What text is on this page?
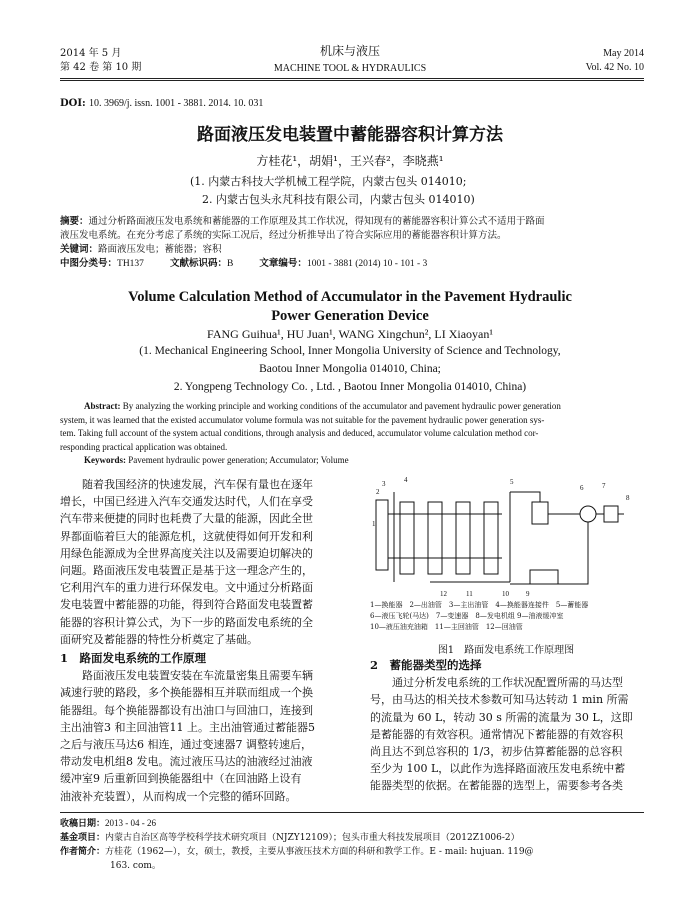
2014 年 5 月
第 42 卷 第 10 期
机床与液压
MACHINE TOOL & HYDRAULICS
May 2014
Vol. 42 No. 10
DOI: 10. 3969/j. issn. 1001 - 3881. 2014. 10. 031
路面液压发电装置中蓄能器容积计算方法
方桂花¹，胡娟¹，王兴春²，李晓燕¹
(1. 内蒙古科技大学机械工程学院，内蒙古包头 014010;
2. 内蒙古包头永芃科技有限公司，内蒙古包头 014010)
摘要：通过分析路面液压发电系统和蓄能器的工作原理及其工作状况，得知现有的蓄能器容积计算公式不适用于路面
液压发电系统。在充分考虑了系统的实际工况后，经过分析推导出了符合实际应用的蓄能器容积计算方法。
关键词：路面液压发电；蓄能器；容积
中图分类号：TH137	文献标识码：B	文章编号：1001 - 3881 (2014) 10 - 101 - 3
Volume Calculation Method of Accumulator in the Pavement Hydraulic
Power Generation Device
FANG Guihua¹, HU Juan¹, WANG Xingchun², LI Xiaoyan¹
(1. Mechanical Engineering School, Inner Mongolia University of Science and Technology,
Baotou Inner Mongolia 014010, China;
2. Yongpeng Technology Co. , Ltd. , Baotou Inner Mongolia 014010, China)
Abstract: By analyzing the working principle and working conditions of the accumulator and pavement hydraulic power generation
system, it was learned that the existed accumulator volume formula was not suitable for the pavement hydraulic power generation sys-
tem. Taking full account of the system actual conditions, through analysis and deduced, accumulator volume calculation method cor-
responding practical application was obtained.
Keywords: Pavement hydraulic power generation; Accumulator; Volume
随着我国经济的快速发展，汽车保有量也在逐年
增长，中国已经进入汽车交通发达时代，人们在享受
汽车带来便捷的同时也耗费了大量的能源，因此全世
界都面临着巨大的能源危机，这就使得如何开发和利
用绿色能源成为全世界高度关注以及需要迫切解决的
问题。路面液压发电装置正是基于这一理念产生的，
它利用汽车的重力进行环保发电。文中通过分析路面
发电装置中蓄能器的功能，得到符合路面发电装置蓄
能器的容积计算公式，为下一步的路面发电系统的全
面研究及蓄能器的特性分析奠定了基础。
1　路面发电系统的工作原理
路面液压发电装置安装在车流量密集且需要车辆
减速行驶的路段，多个换能器相互并联而组成一个换
能器组。每个换能器都设有出油口与回油口，连接到
主出油管3 和主回油管11 上。主出油管通过蓄能器5
之后与液压马达6 相连，通过变速器7 调整转速后，
带动发电机组8 发电。流过液压马达的油液经过油液
缓冲室9 后重新回到换能器组中（在回油路上设有
油液补充装置），从而构成一个完整的循环回路。
3	4	5
6	7
8
2
1
12	11	10 9
1—换能器　2—出油管　3—主出油管　4—换能器连接件　5—蓄能器
6—液压飞轮(马达)　7—变速器　8—发电机组 9—油液缓冲室
10—液压油充油箱　11—主回油管　12—回油管
图1　路面发电系统工作原理图
2　蓄能器类型的选择
通过分析发电系统的工作状况配置所需的马达型
号，由马达的相关技术参数可知马达转动 1 min 所需
的流量为 60 L，转动 30 s 所需的流量为 30 L，这即
是蓄能器的有效容积。通常情况下蓄能器的有效容积
尚且达不到总容积的 1/3，初步估算蓄能器的总容积
至少为 100 L，以此作为选择路面液压发电系统中蓄
能器类型的依据。在蓄能器的选型上，需要参考各类
收稿日期：2013 - 04 - 26
基金项目：内蒙古自治区高等学校科学技术研究项目（NJZY12109）；包头市重大科技发展项目（2012Z1006-2）
作者简介：方桂花（1962—），女，硕士，教授，主要从事液压技术方面的科研和教学工作。E - mail: hujuan. 119@
163. com。
